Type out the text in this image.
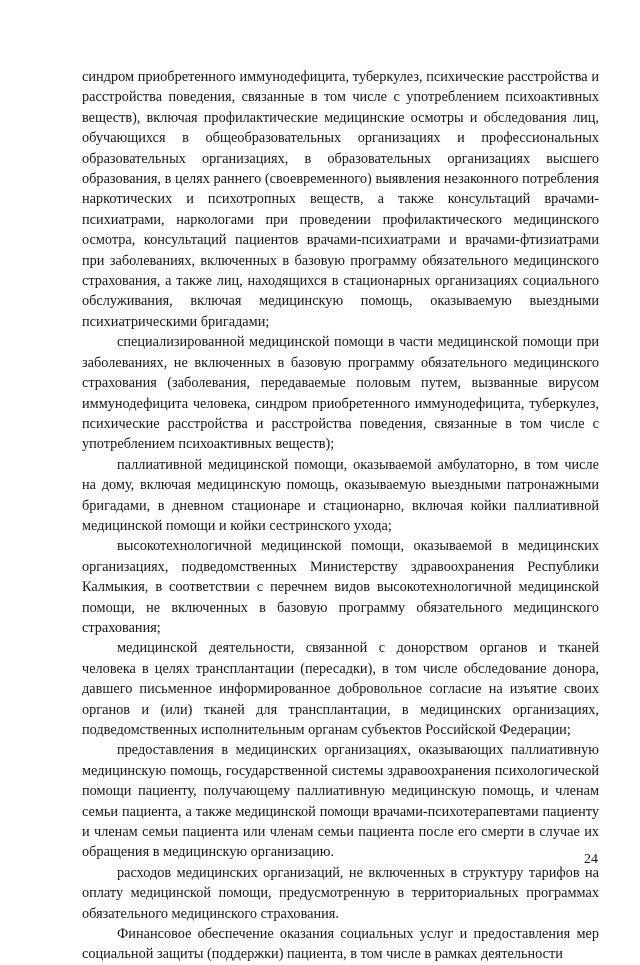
синдром приобретенного иммунодефицита, туберкулез, психические расстройства и расстройства поведения, связанные в том числе с употреблением психоактивных веществ), включая профилактические медицинские осмотры и обследования лиц, обучающихся в общеобразовательных организациях и профессиональных образовательных организациях, в образовательных организациях высшего образования, в целях раннего (своевременного) выявления незаконного потребления наркотических и психотропных веществ, а также консультаций врачами-психиатрами, наркологами при проведении профилактического медицинского осмотра, консультаций пациентов врачами-психиатрами и врачами-фтизиатрами при заболеваниях, включенных в базовую программу обязательного медицинского страхования, а также лиц, находящихся в стационарных организациях социального обслуживания, включая медицинскую помощь, оказываемую выездными психиатрическими бригадами;

специализированной медицинской помощи в части медицинской помощи при заболеваниях, не включенных в базовую программу обязательного медицинского страхования (заболевания, передаваемые половым путем, вызванные вирусом иммунодефицита человека, синдром приобретенного иммунодефицита, туберкулез, психические расстройства и расстройства поведения, связанные в том числе с употреблением психоактивных веществ);

паллиативной медицинской помощи, оказываемой амбулаторно, в том числе на дому, включая медицинскую помощь, оказываемую выездными патронажными бригадами, в дневном стационаре и стационарно, включая койки паллиативной медицинской помощи и койки сестринского ухода;

высокотехнологичной медицинской помощи, оказываемой в медицинских организациях, подведомственных Министерству здравоохранения Республики Калмыкия, в соответствии с перечнем видов высокотехнологичной медицинской помощи, не включенных в базовую программу обязательного медицинского страхования;

медицинской деятельности, связанной с донорством органов и тканей человека в целях трансплантации (пересадки), в том числе обследование донора, давшего письменное информированное добровольное согласие на изъятие своих органов и (или) тканей для трансплантации, в медицинских организациях, подведомственных исполнительным органам субъектов Российской Федерации;

предоставления в медицинских организациях, оказывающих паллиативную медицинскую помощь, государственной системы здравоохранения психологической помощи пациенту, получающему паллиативную медицинскую помощь, и членам семьи пациента, а также медицинской помощи врачами-психотерапевтами пациенту и членам семьи пациента или членам семьи пациента после его смерти в случае их обращения в медицинскую организацию.

расходов медицинских организаций, не включенных в структуру тарифов на оплату медицинской помощи, предусмотренную в территориальных программах обязательного медицинского страхования.

Финансовое обеспечение оказания социальных услуг и предоставления мер социальной защиты (поддержки) пациента, в том числе в рамках деятельности

24
